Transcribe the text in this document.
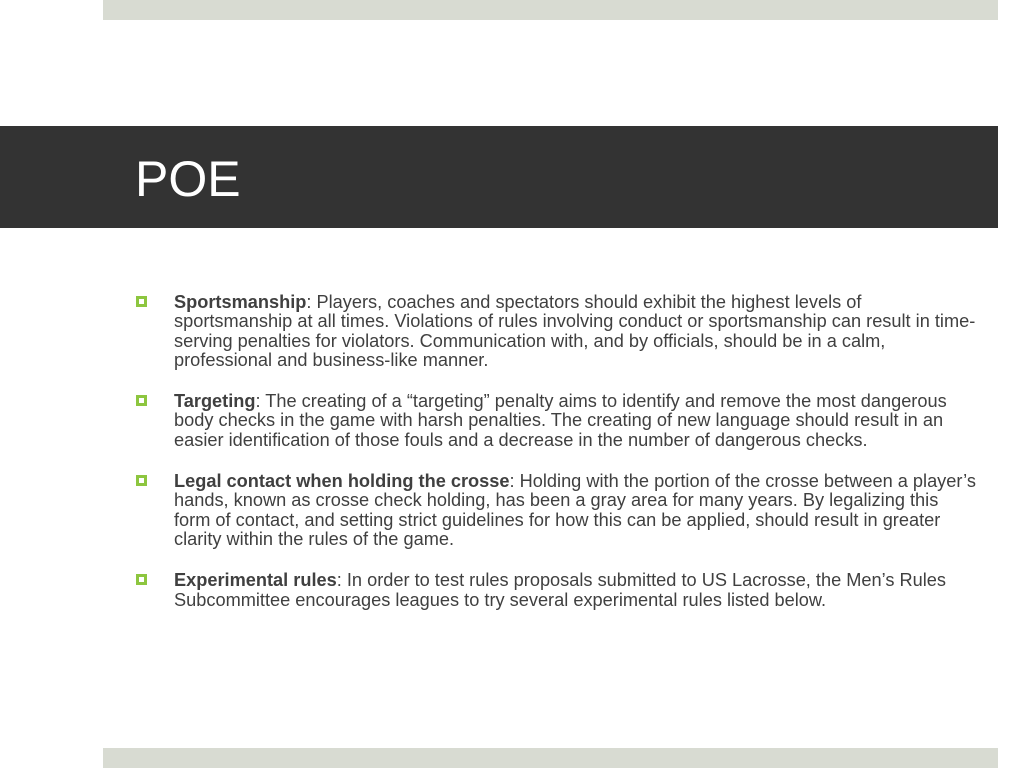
POE
Sportsmanship: Players, coaches and spectators should exhibit the highest levels of sportsmanship at all times. Violations of rules involving conduct or sportsmanship can result in time-serving penalties for violators. Communication with, and by officials, should be in a calm, professional and business-like manner.
Targeting: The creating of a “targeting” penalty aims to identify and remove the most dangerous body checks in the game with harsh penalties. The creating of new language should result in an easier identification of those fouls and a decrease in the number of dangerous checks.
Legal contact when holding the crosse: Holding with the portion of the crosse between a player’s hands, known as crosse check holding, has been a gray area for many years. By legalizing this form of contact, and setting strict guidelines for how this can be applied, should result in greater clarity within the rules of the game.
Experimental rules: In order to test rules proposals submitted to US Lacrosse, the Men’s Rules Subcommittee encourages leagues to try several experimental rules listed below.
